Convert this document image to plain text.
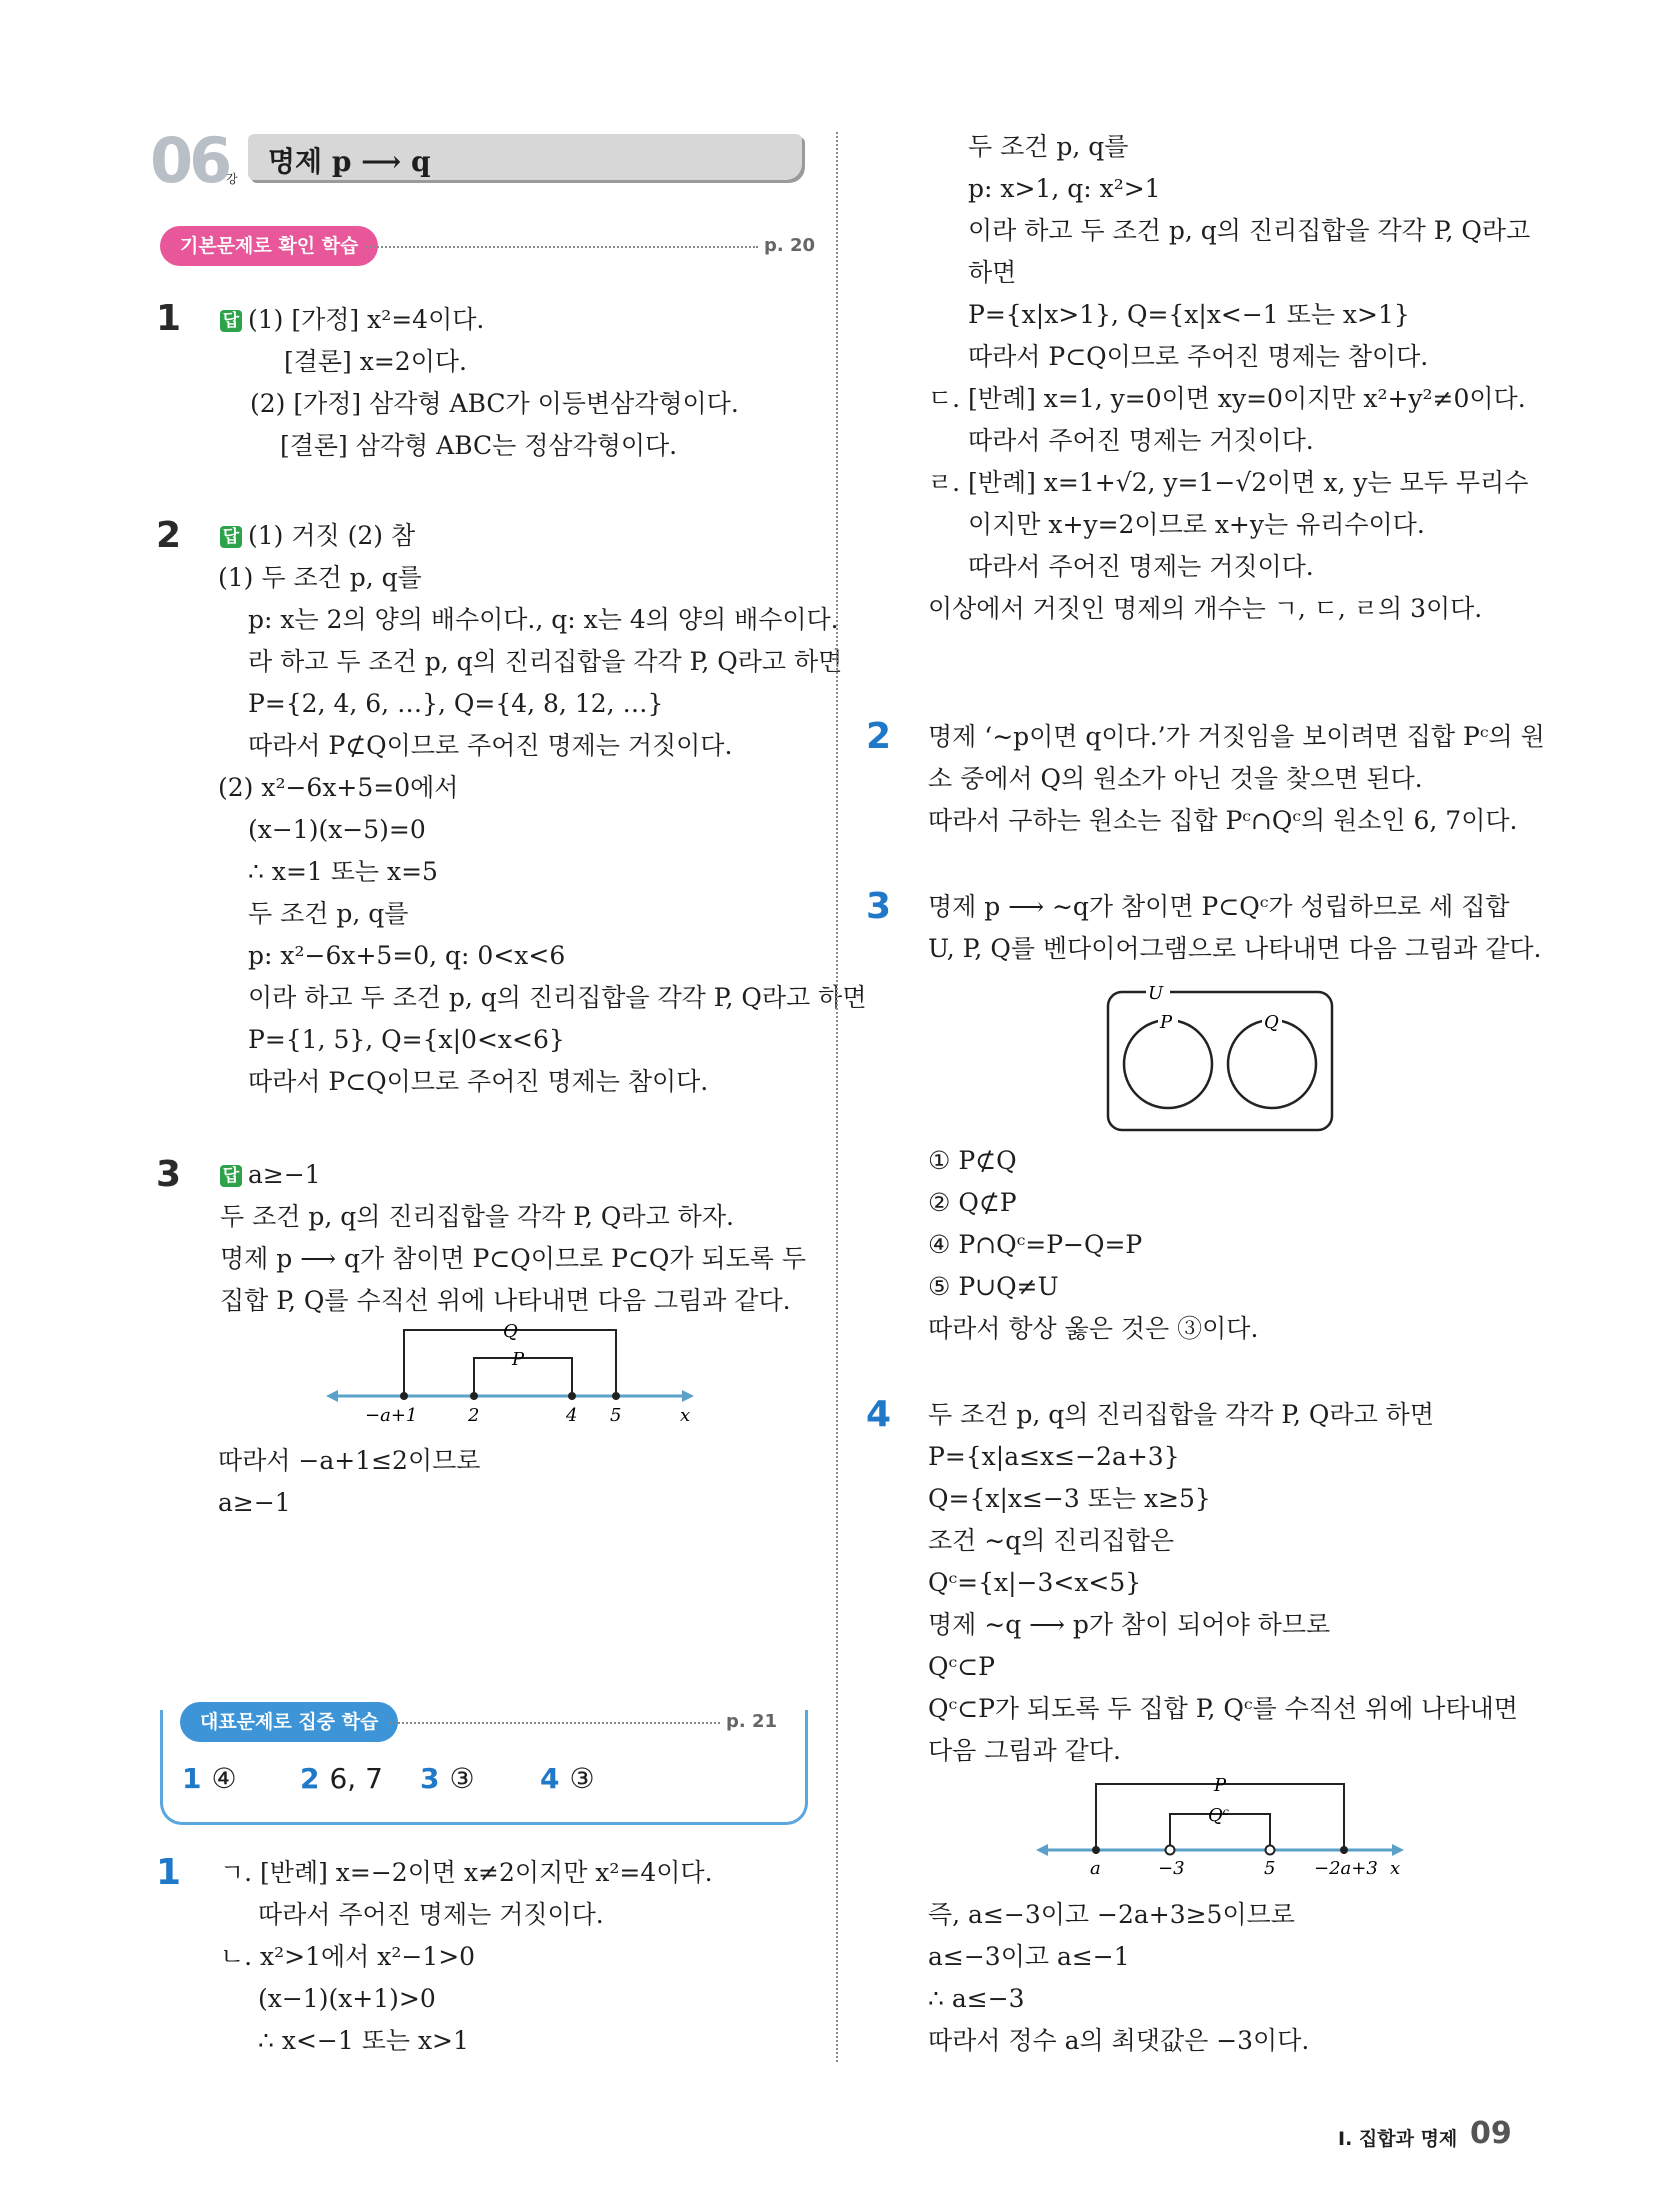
06
강
명제 p ⟶ q
기본문제로 확인 학습	p. 20
1 답 (1) [가정] x²=4이다.
[결론] x=2이다.
(2) [가정] 삼각형 ABC가 이등변삼각형이다.
[결론] 삼각형 ABC는 정삼각형이다.
2 답 (1) 거짓 (2) 참
(1) 두 조건 p, q를
p: x는 2의 양의 배수이다., q: x는 4의 양의 배수이다.
라 하고 두 조건 p, q의 진리집합을 각각 P, Q라고 하면
P={2, 4, 6, …}, Q={4, 8, 12, …}
따라서 P⊄Q이므로 주어진 명제는 거짓이다.
(2) x²−6x+5=0에서
(x−1)(x−5)=0
∴ x=1 또는 x=5
두 조건 p, q를
p: x²−6x+5=0, q: 0<x<6
이라 하고 두 조건 p, q의 진리집합을 각각 P, Q라고 하면
P={1, 5}, Q={x|0<x<6}
따라서 P⊂Q이므로 주어진 명제는 참이다.
3 답 a≥−1
두 조건 p, q의 진리집합을 각각 P, Q라고 하자.
명제 p ⟶ q가 참이면 P⊂Q이므로 P⊂Q가 되도록 두
집합 P, Q를 수직선 위에 나타내면 다음 그림과 같다.
Q
P
−a+1	2	4 5	x
따라서 −a+1≤2이므로
a≥−1
대표문제로 집중 학습	p. 21
1 ④ 2 6, 7 3 ③ 4 ③
1 ㄱ. [반례] x=−2이면 x≠2이지만 x²=4이다.
따라서 주어진 명제는 거짓이다.
ㄴ. x²>1에서 x²−1>0
(x−1)(x+1)>0
∴ x<−1 또는 x>1
두 조건 p, q를
p: x>1, q: x²>1
이라 하고 두 조건 p, q의 진리집합을 각각 P, Q라고
하면
P={x|x>1}, Q={x|x<−1 또는 x>1}
따라서 P⊂Q이므로 주어진 명제는 참이다.
ㄷ. [반례] x=1, y=0이면 xy=0이지만 x²+y²≠0이다.
따라서 주어진 명제는 거짓이다.
ㄹ. [반례] x=1+√2, y=1−√2이면 x, y는 모두 무리수
이지만 x+y=2이므로 x+y는 유리수이다.
따라서 주어진 명제는 거짓이다.
이상에서 거짓인 명제의 개수는 ㄱ, ㄷ, ㄹ의 3이다.
2 명제 ‘∼p이면 q이다.’가 거짓임을 보이려면 집합 Pᶜ의 원
소 중에서 Q의 원소가 아닌 것을 찾으면 된다.
따라서 구하는 원소는 집합 Pᶜ∩Qᶜ의 원소인 6, 7이다.
3 명제 p ⟶ ∼q가 참이면 P⊂Qᶜ가 성립하므로 세 집합
U, P, Q를 벤다이어그램으로 나타내면 다음 그림과 같다.
U
P	Q
① P⊄Q
② Q⊄P
④ P∩Qᶜ=P−Q=P
⑤ P∪Q≠U
따라서 항상 옳은 것은 ③이다.
4 두 조건 p, q의 진리집합을 각각 P, Q라고 하면
P={x|a≤x≤−2a+3}
Q={x|x≤−3 또는 x≥5}
조건 ∼q의 진리집합은
Qᶜ={x|−3<x<5}
명제 ∼q ⟶ p가 참이 되어야 하므로
Qᶜ⊂P
Qᶜ⊂P가 되도록 두 집합 P, Qᶜ를 수직선 위에 나타내면
다음 그림과 같다.
P
Qᶜ
a	−3	5 −2a+3 x
즉, a≤−3이고 −2a+3≥5이므로
a≤−3이고 a≤−1
∴ a≤−3
따라서 정수 a의 최댓값은 −3이다.
Ⅰ. 집합과 명제 09
